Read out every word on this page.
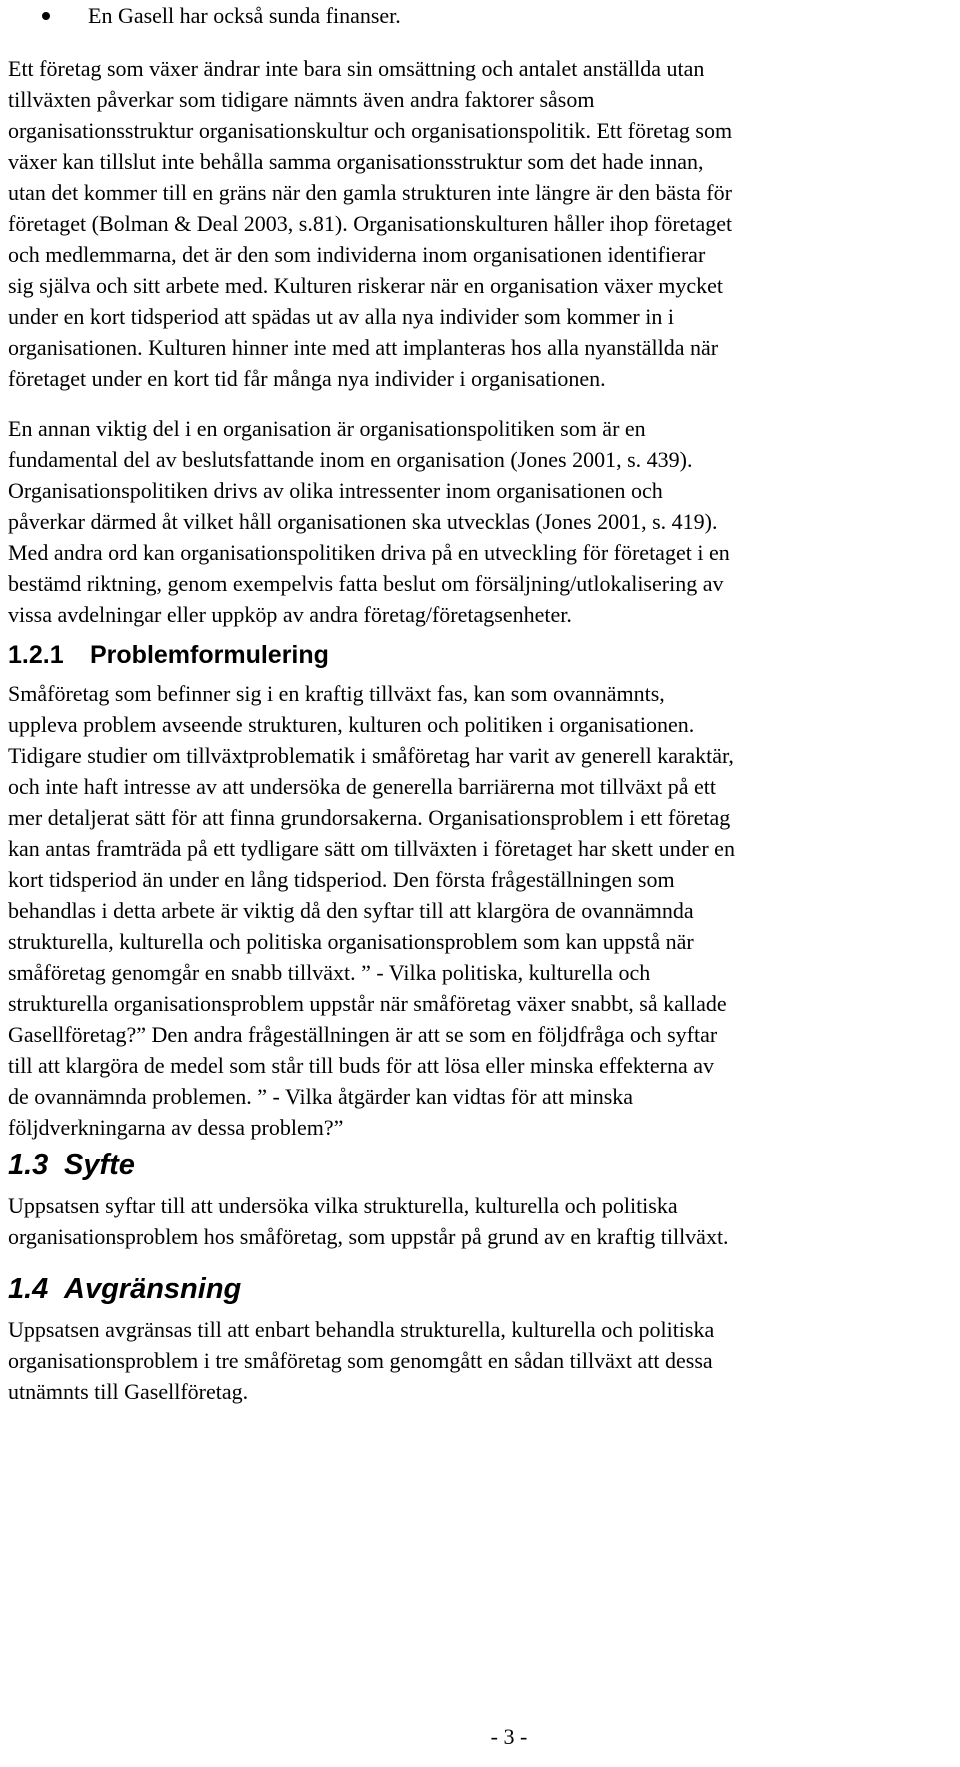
En Gasell har också sunda finanser.

Ett företag som växer ändrar inte bara sin omsättning och antalet anställda utan
tillväxten påverkar som tidigare nämnts även andra faktorer såsom
organisationsstruktur organisationskultur och organisationspolitik. Ett företag som
växer kan tillslut inte behålla samma organisationsstruktur som det hade innan,
utan det kommer till en gräns när den gamla strukturen inte längre är den bästa för
företaget (Bolman & Deal 2003, s.81). Organisationskulturen håller ihop företaget
och medlemmarna, det är den som individerna inom organisationen identifierar
sig själva och sitt arbete med. Kulturen riskerar när en organisation växer mycket
under en kort tidsperiod att spädas ut av alla nya individer som kommer in i
organisationen. Kulturen hinner inte med att implanteras hos alla nyanställda när
företaget under en kort tid får många nya individer i organisationen.

En annan viktig del i en organisation är organisationspolitiken som är en
fundamental del av beslutsfattande inom en organisation (Jones 2001, s. 439).
Organisationspolitiken drivs av olika intressenter inom organisationen och
påverkar därmed åt vilket håll organisationen ska utvecklas (Jones 2001, s. 419).
Med andra ord kan organisationspolitiken driva på en utveckling för företaget i en
bestämd riktning, genom exempelvis fatta beslut om försäljning/utlokalisering av
vissa avdelningar eller uppköp av andra företag/företagsenheter.

1.2.1 Problemformulering

Småföretag som befinner sig i en kraftig tillväxt fas, kan som ovannämnts,
uppleva problem avseende strukturen, kulturen och politiken i organisationen.
Tidigare studier om tillväxtproblematik i småföretag har varit av generell karaktär,
och inte haft intresse av att undersöka de generella barriärerna mot tillväxt på ett
mer detaljerat sätt för att finna grundorsakerna. Organisationsproblem i ett företag
kan antas framträda på ett tydligare sätt om tillväxten i företaget har skett under en
kort tidsperiod än under en lång tidsperiod. Den första frågeställningen som
behandlas i detta arbete är viktig då den syftar till att klargöra de ovannämnda
strukturella, kulturella och politiska organisationsproblem som kan uppstå när
småföretag genomgår en snabb tillväxt. ” - Vilka politiska, kulturella och
strukturella organisationsproblem uppstår när småföretag växer snabbt, så kallade
Gasellföretag?” Den andra frågeställningen är att se som en följdfråga och syftar
till att klargöra de medel som står till buds för att lösa eller minska effekterna av
de ovannämnda problemen. ” - Vilka åtgärder kan vidtas för att minska
följdverkningarna av dessa problem?”

1.3 Syfte

Uppsatsen syftar till att undersöka vilka strukturella, kulturella och politiska
organisationsproblem hos småföretag, som uppstår på grund av en kraftig tillväxt.

1.4 Avgränsning

Uppsatsen avgränsas till att enbart behandla strukturella, kulturella och politiska
organisationsproblem i tre småföretag som genomgått en sådan tillväxt att dessa
utnämnts till Gasellföretag.

- 3 -
